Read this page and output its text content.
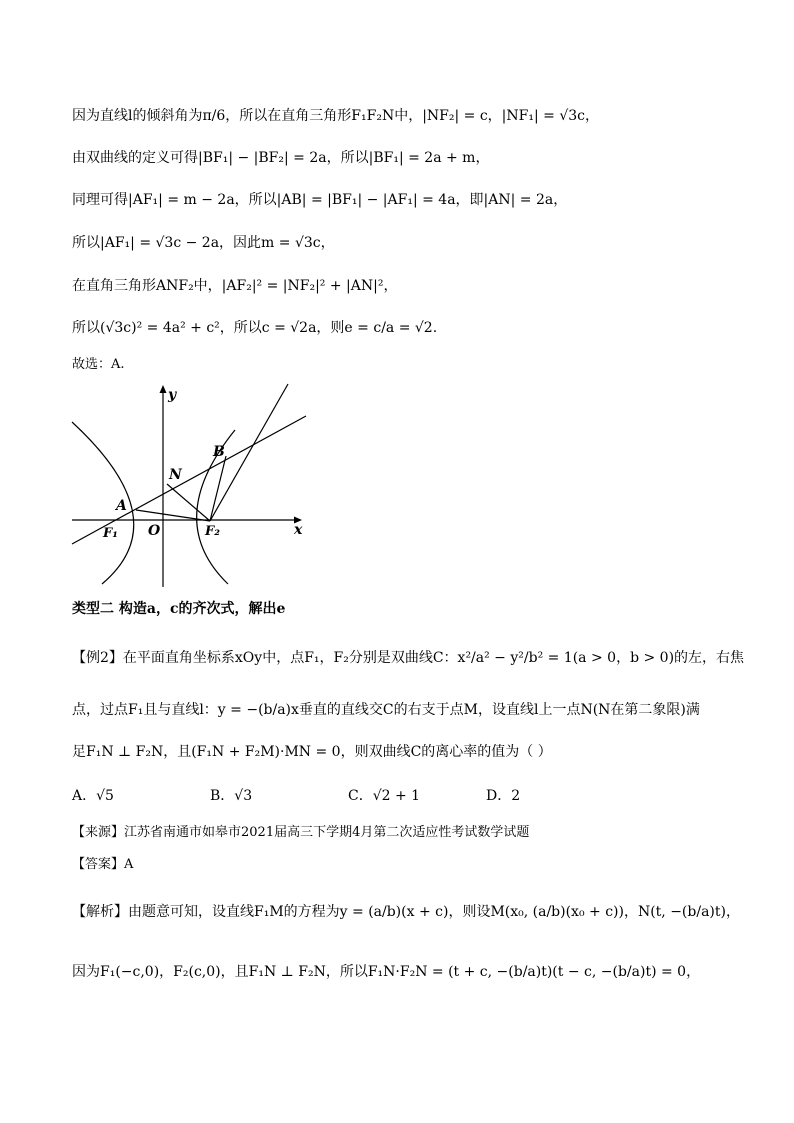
因为直线l的倾斜角为π/6，所以在直角三角形F₁F₂N中，|NF₂| = c，|NF₁| = √3c，
由双曲线的定义可得|BF₁| − |BF₂| = 2a，所以|BF₁| = 2a + m，
同理可得|AF₁| = m − 2a，所以|AB| = |BF₁| − |AF₁| = 4a，即|AN| = 2a，
所以|AF₁| = √3c − 2a，因此m = √3c，
在直角三角形ANF₂中，|AF₂|² = |NF₂|² + |AN|²，
所以(√3c)² = 4a² + c²，所以c = √2a，则e = c/a = √2.
故选：A.
y
x
B
N
A
O
F₁	F₂
类型二 构造a，c的齐次式，解出e
【例2】在平面直角坐标系xOy中，点F₁，F₂分别是双曲线C：x²/a² − y²/b² = 1(a > 0，b > 0)的左，右焦
点，过点F₁且与直线l：y = −(b/a)x垂直的直线交C的右支于点M，设直线l上一点N(N在第二象限)满
足F₁N ⊥ F₂N，且(F₁N + F₂M)·MN = 0，则双曲线C的离心率的值为（ ）
A．√5	B．√3	C．√2 + 1	D．2
【来源】江苏省南通市如皋市2021届高三下学期4月第二次适应性考试数学试题
【答案】A
【解析】由题意可知，设直线F₁M的方程为y = (a/b)(x + c)，则设M(x₀, (a/b)(x₀ + c))，N(t, −(b/a)t)，
因为F₁(−c,0)，F₂(c,0)，且F₁N ⊥ F₂N，所以F₁N·F₂N = (t + c, −(b/a)t)(t − c, −(b/a)t) = 0，
